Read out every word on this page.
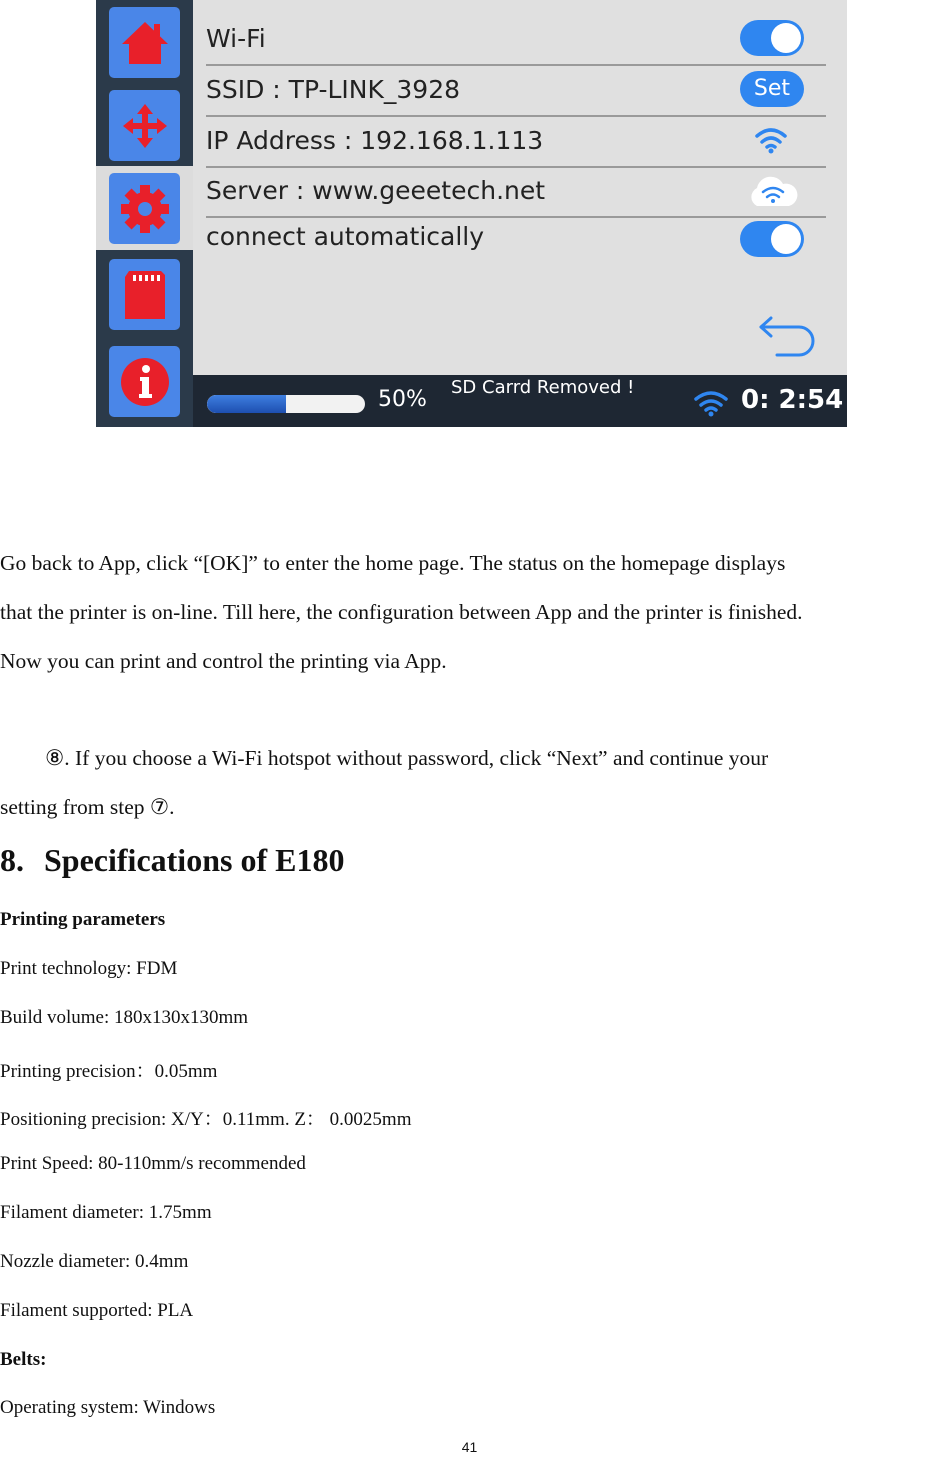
Wi-Fi
SSID : TP-LINK_3928	Set
IP Address : 192.168.1.113
Server : www.geeetech.net
connect automatically
50% SD Carrd Removed !	0: 2:54

Go back to App, click “[OK]” to enter the home page. The status on the homepage displays
that the printer is on-line. Till here, the configuration between App and the printer is finished.
Now you can print and control the printing via App.

⑧. If you choose a Wi-Fi hotspot without password, click “Next” and continue your
setting from step ⑦.

8. Specifications of E180

Printing parameters

Print technology: FDM

Build volume: 180x130x130mm

Printing precision：0.05mm

Positioning precision: X/Y：0.11mm. Z： 0.0025mm

Print Speed: 80-110mm/s recommended

Filament diameter: 1.75mm

Nozzle diameter: 0.4mm

Filament supported: PLA

Belts:

Operating system: Windows

41
